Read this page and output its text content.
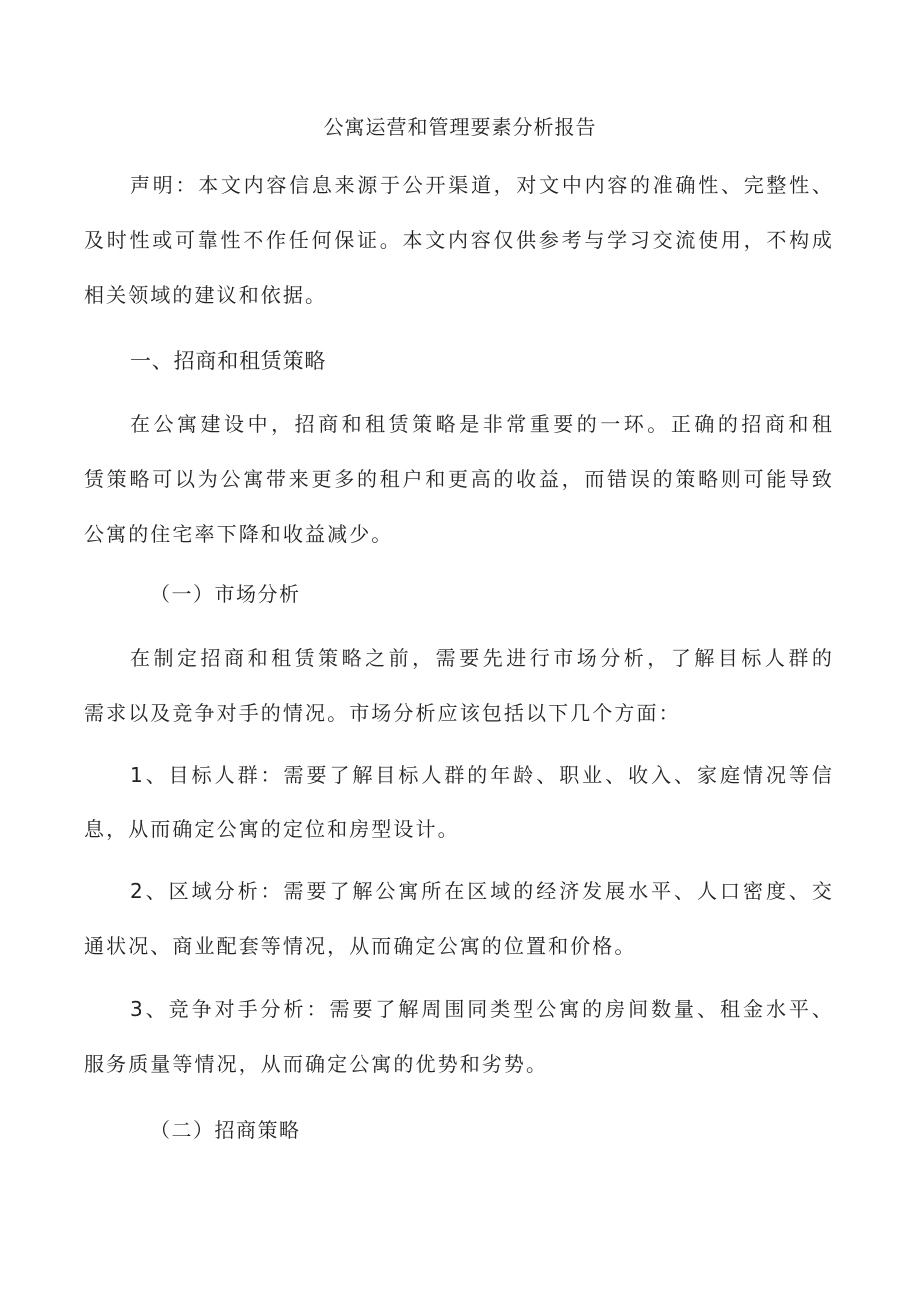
公寓运营和管理要素分析报告
声明：本文内容信息来源于公开渠道，对文中内容的准确性、完整性、
及时性或可靠性不作任何保证。本文内容仅供参考与学习交流使用，不构成
相关领域的建议和依据。
一、招商和租赁策略
在公寓建设中，招商和租赁策略是非常重要的一环。正确的招商和租
赁策略可以为公寓带来更多的租户和更高的收益，而错误的策略则可能导致
公寓的住宅率下降和收益减少。
（一）市场分析
在制定招商和租赁策略之前，需要先进行市场分析，了解目标人群的
需求以及竞争对手的情况。市场分析应该包括以下几个方面：
1、目标人群：需要了解目标人群的年龄、职业、收入、家庭情况等信
息，从而确定公寓的定位和房型设计。
2、区域分析：需要了解公寓所在区域的经济发展水平、人口密度、交
通状况、商业配套等情况，从而确定公寓的位置和价格。
3、竞争对手分析：需要了解周围同类型公寓的房间数量、租金水平、
服务质量等情况，从而确定公寓的优势和劣势。
（二）招商策略
